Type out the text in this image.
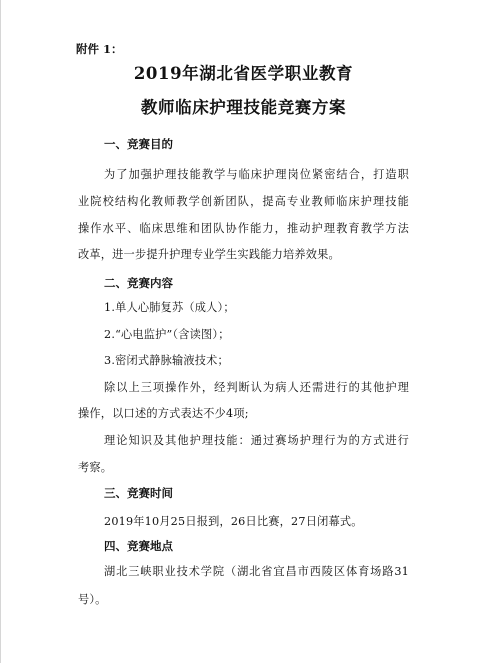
附件 1：
2019年湖北省医学职业教育
教师临床护理技能竞赛方案
一、竞赛目的
为了加强护理技能教学与临床护理岗位紧密结合，打造职
业院校结构化教师教学创新团队，提高专业教师临床护理技能
操作水平、临床思维和团队协作能力，推动护理教育教学方法
改革，进一步提升护理专业学生实践能力培养效果。
二、竞赛内容
1.单人心肺复苏（成人）；
2.“心电监护”（含读图）；
3.密闭式静脉输液技术；
除以上三项操作外，经判断认为病人还需进行的其他护理
操作，以口述的方式表达不少4项;
理论知识及其他护理技能：通过赛场护理行为的方式进行
考察。
三、竞赛时间
2019年10月25日报到，26日比赛，27日闭幕式。
四、竞赛地点
湖北三峡职业技术学院（湖北省宜昌市西陵区体育场路31
号）。
